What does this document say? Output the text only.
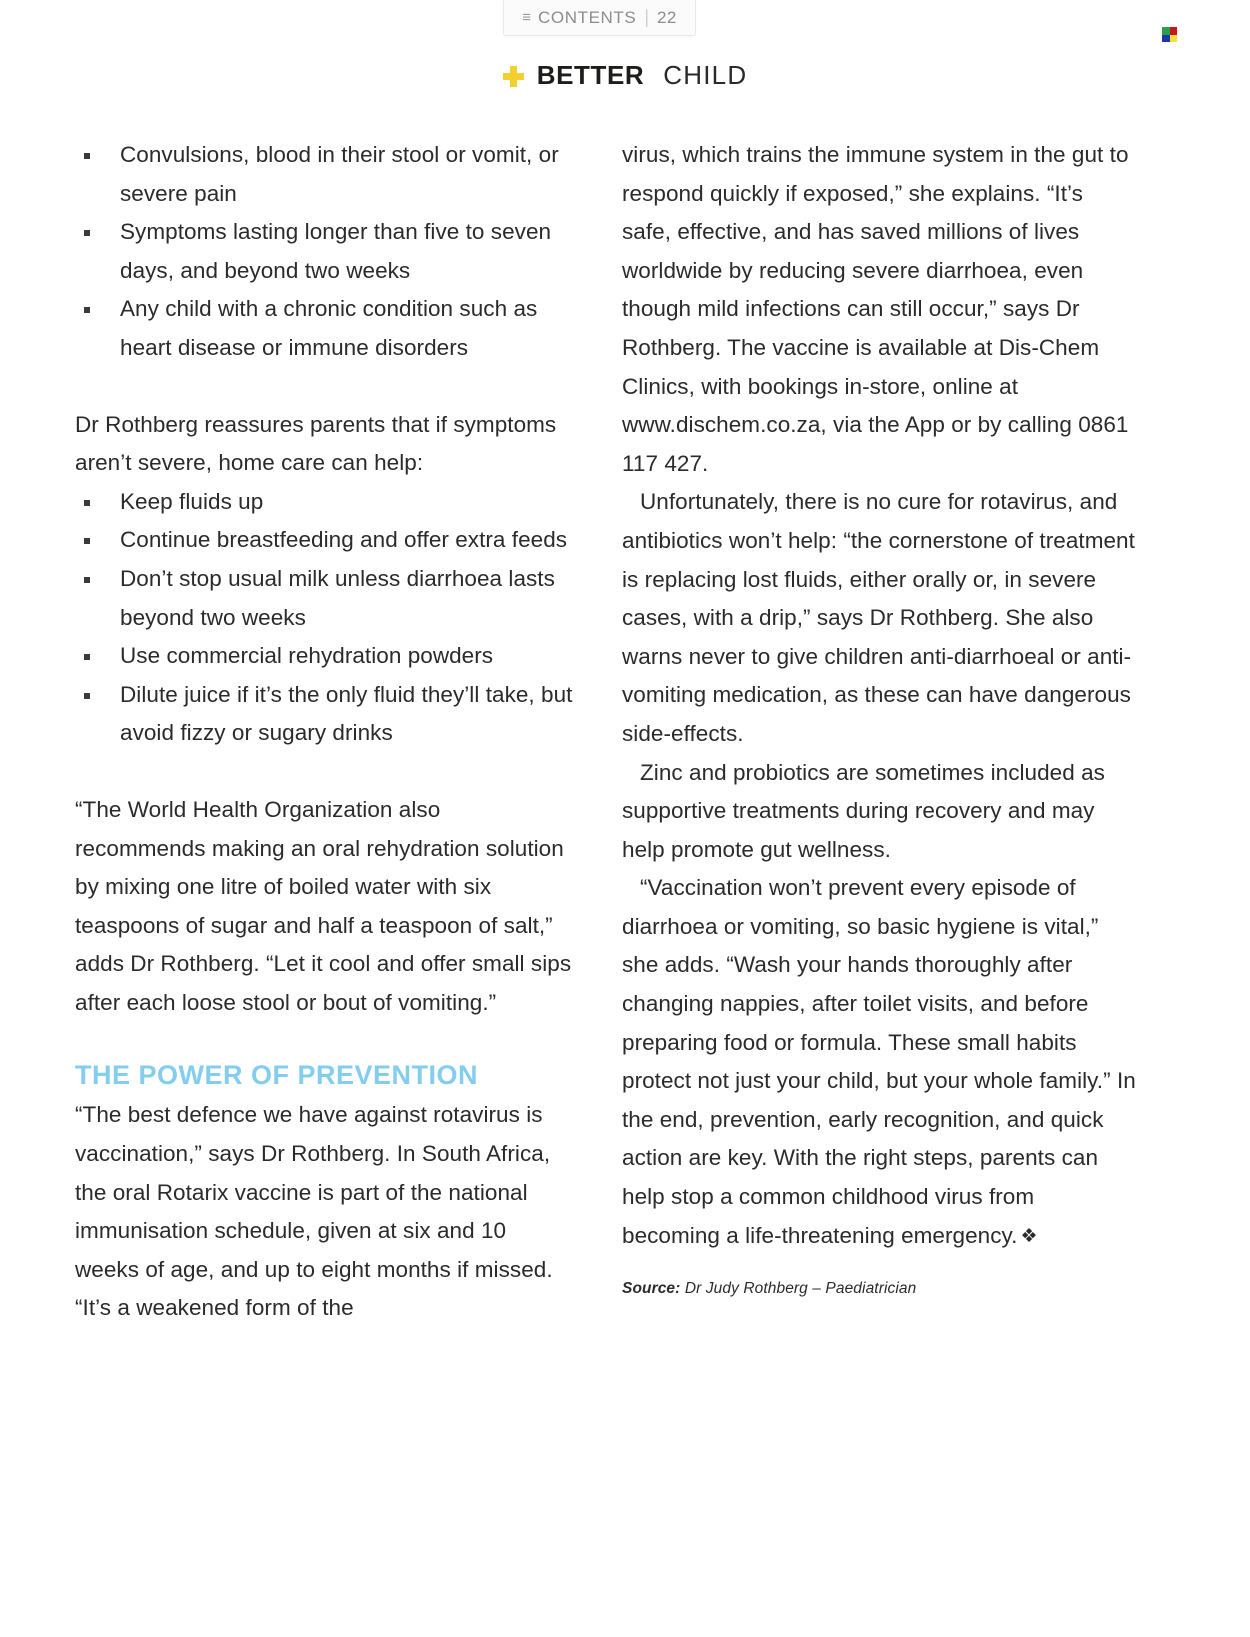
≡ CONTENTS | 22
BETTER CHILD
Convulsions, blood in their stool or vomit, or severe pain
Symptoms lasting longer than five to seven days, and beyond two weeks
Any child with a chronic condition such as heart disease or immune disorders

Dr Rothberg reassures parents that if symptoms aren’t severe, home care can help:

Keep fluids up
Continue breastfeeding and offer extra feeds
Don’t stop usual milk unless diarrhoea lasts beyond two weeks
Use commercial rehydration powders
Dilute juice if it’s the only fluid they’ll take, but avoid fizzy or sugary drinks

“The World Health Organization also recommends making an oral rehydration solution by mixing one litre of boiled water with six teaspoons of sugar and half a teaspoon of salt,” adds Dr Rothberg. “Let it cool and offer small sips after each loose stool or bout of vomiting.”

THE POWER OF PREVENTION

“The best defence we have against rotavirus is vaccination,” says Dr Rothberg. In South Africa, the oral Rotarix vaccine is part of the national immunisation schedule, given at six and 10 weeks of age, and up to eight months if missed. “It’s a weakened form of the

virus, which trains the immune system in the gut to respond quickly if exposed,” she explains. “It’s safe, effective, and has saved millions of lives worldwide by reducing severe diarrhoea, even though mild infections can still occur,” says Dr Rothberg. The vaccine is available at Dis-Chem Clinics, with bookings in-store, online at www.dischem.co.za, via the App or by calling 0861 117 427.

Unfortunately, there is no cure for rotavirus, and antibiotics won’t help: “the cornerstone of treatment is replacing lost fluids, either orally or, in severe cases, with a drip,” says Dr Rothberg. She also warns never to give children anti-diarrhoeal or anti-vomiting medication, as these can have dangerous side-effects.

Zinc and probiotics are sometimes included as supportive treatments during recovery and may help promote gut wellness.

“Vaccination won’t prevent every episode of diarrhoea or vomiting, so basic hygiene is vital,” she adds. “Wash your hands thoroughly after changing nappies, after toilet visits, and before preparing food or formula. These small habits protect not just your child, but your whole family.” In the end, prevention, early recognition, and quick action are key. With the right steps, parents can help stop a common childhood virus from becoming a life-threatening emergency. ❖

Source: Dr Judy Rothberg – Paediatrician
